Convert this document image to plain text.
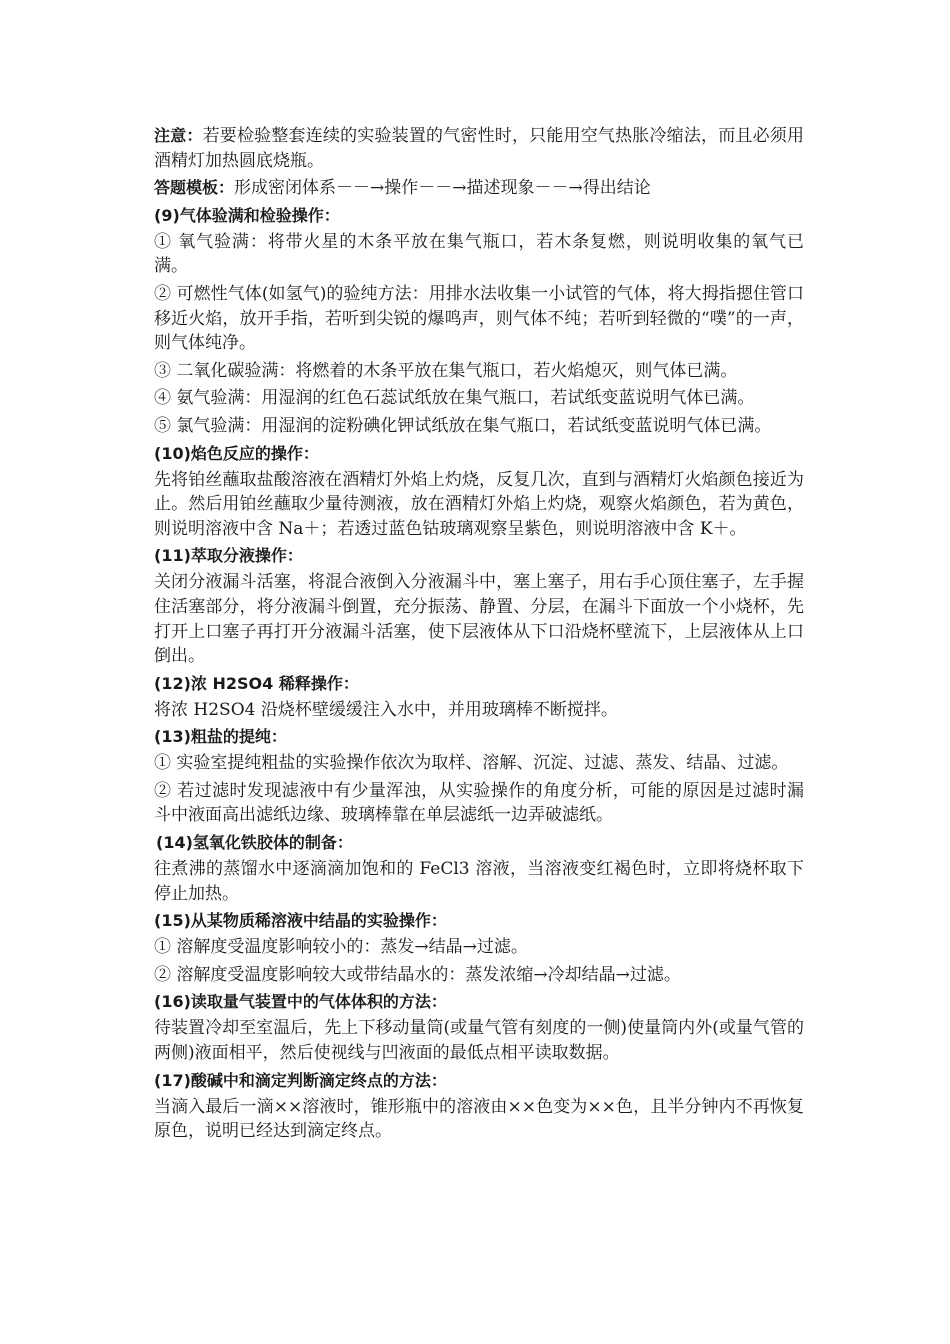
注意：若要检验整套连续的实验装置的气密性时，只能用空气热胀冷缩法，而且必须用酒精灯加热圆底烧瓶。

答题模板：形成密闭体系－－→操作－－→描述现象－－→得出结论

(9)气体验满和检验操作：

① 氧气验满：将带火星的木条平放在集气瓶口，若木条复燃，则说明收集的氧气已满。

② 可燃性气体(如氢气)的验纯方法：用排水法收集一小试管的气体，将大拇指摁住管口移近火焰，放开手指，若听到尖锐的爆鸣声，则气体不纯；若听到轻微的“噗”的一声，则气体纯净。

③ 二氧化碳验满：将燃着的木条平放在集气瓶口，若火焰熄灭，则气体已满。

④ 氨气验满：用湿润的红色石蕊试纸放在集气瓶口，若试纸变蓝说明气体已满。

⑤ 氯气验满：用湿润的淀粉碘化钾试纸放在集气瓶口，若试纸变蓝说明气体已满。

(10)焰色反应的操作：

先将铂丝蘸取盐酸溶液在酒精灯外焰上灼烧，反复几次，直到与酒精灯火焰颜色接近为止。然后用铂丝蘸取少量待测液，放在酒精灯外焰上灼烧，观察火焰颜色，若为黄色，则说明溶液中含 Na＋；若透过蓝色钴玻璃观察呈紫色，则说明溶液中含 K＋。

(11)萃取分液操作：

关闭分液漏斗活塞，将混合液倒入分液漏斗中，塞上塞子，用右手心顶住塞子，左手握住活塞部分，将分液漏斗倒置，充分振荡、静置、分层，在漏斗下面放一个小烧杯，先打开上口塞子再打开分液漏斗活塞，使下层液体从下口沿烧杯壁流下，上层液体从上口倒出。

(12)浓 H2SO4 稀释操作：

将浓 H2SO4 沿烧杯壁缓缓注入水中，并用玻璃棒不断搅拌。

(13)粗盐的提纯：

① 实验室提纯粗盐的实验操作依次为取样、溶解、沉淀、过滤、蒸发、结晶、过滤。

② 若过滤时发现滤液中有少量浑浊，从实验操作的角度分析，可能的原因是过滤时漏斗中液面高出滤纸边缘、玻璃棒靠在单层滤纸一边弄破滤纸。

(14)氢氧化铁胶体的制备：

往煮沸的蒸馏水中逐滴滴加饱和的 FeCl3 溶液，当溶液变红褐色时，立即将烧杯取下停止加热。

(15)从某物质稀溶液中结晶的实验操作：

① 溶解度受温度影响较小的：蒸发→结晶→过滤。

② 溶解度受温度影响较大或带结晶水的：蒸发浓缩→冷却结晶→过滤。

(16)读取量气装置中的气体体积的方法：

待装置冷却至室温后，先上下移动量筒(或量气管有刻度的一侧)使量筒内外(或量气管的两侧)液面相平，然后使视线与凹液面的最低点相平读取数据。

(17)酸碱中和滴定判断滴定终点的方法：

当滴入最后一滴××溶液时，锥形瓶中的溶液由××色变为××色，且半分钟内不再恢复原色，说明已经达到滴定终点。
